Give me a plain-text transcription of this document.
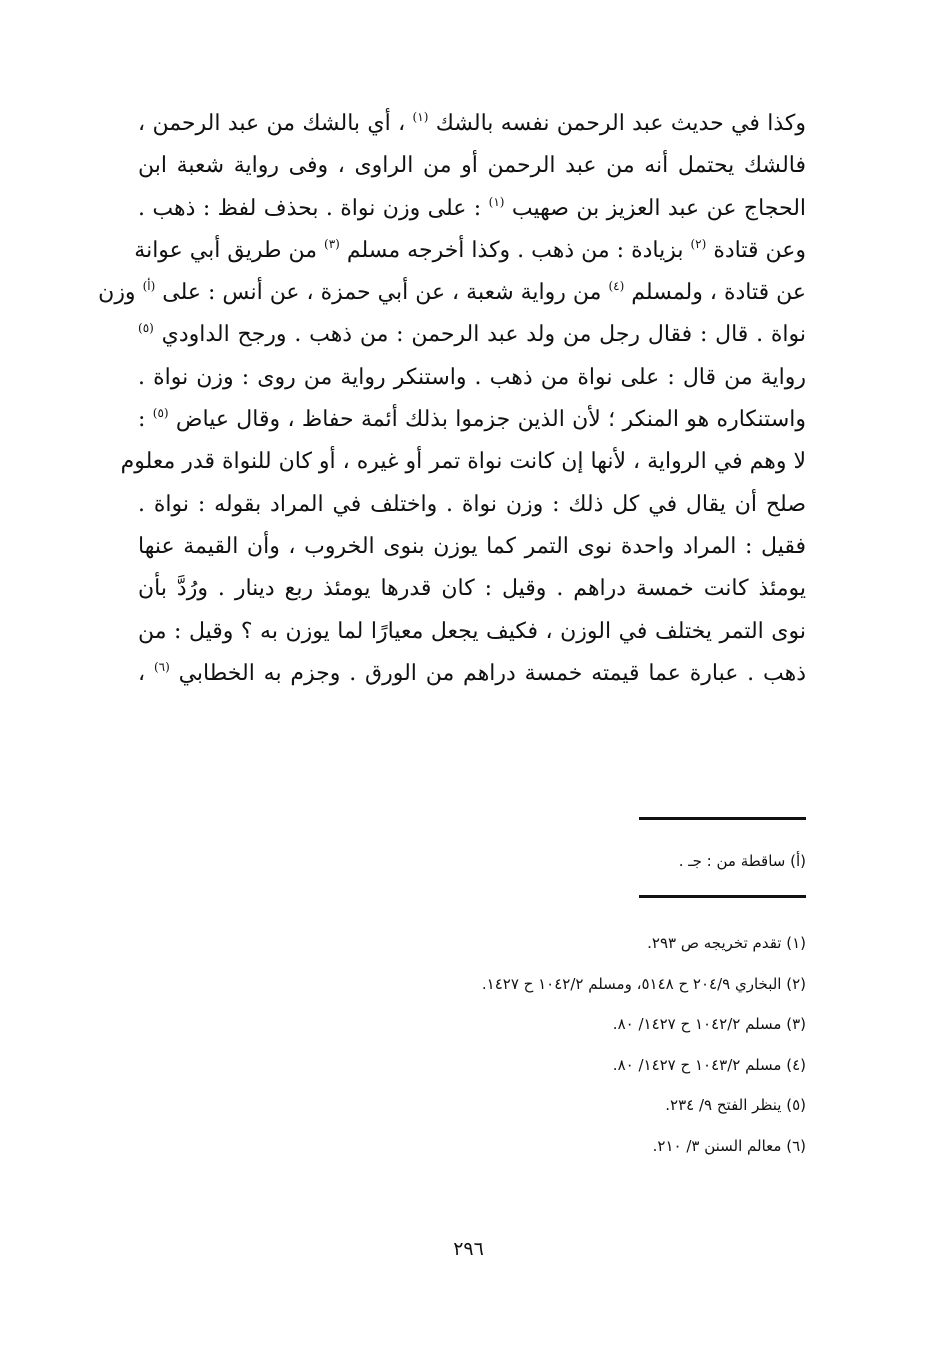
وكذا في حديث عبد الرحمن نفسه بالشك $^{(١)}$ ، أي بالشك من عبد الرحمن ،
فالشك يحتمل أنه من عبد الرحمن أو من الراوى ، وفى رواية شعبة ابن
الحجاج عن عبد العزيز بن صهيب $^{(١)}$ : على وزن نواة . بحذف لفظ : ذهب .
وعن قتادة $^{(٢)}$ بزيادة : من ذهب . وكذا أخرجه مسلم $^{(٣)}$ من طريق أبي عوانة
عن قتادة ، ولمسلم $^{(٤)}$ من رواية شعبة ، عن أبي حمزة ، عن أنس : على $^{(أ)}$ وزن
نواة . قال : فقال رجل من ولد عبد الرحمن : من ذهب . ورجح الداودي $^{(٥)}$
رواية من قال : على نواة من ذهب . واستنكر رواية من روى : وزن نواة .
واستنكاره هو المنكر ؛ لأن الذين جزموا بذلك أئمة حفاظ ، وقال عياض $^{(٥)}$ :
لا وهم في الرواية ، لأنها إن كانت نواة تمر أو غيره ، أو كان للنواة قدر معلوم
صلح أن يقال في كل ذلك : وزن نواة . واختلف في المراد بقوله : نواة .
فقيل : المراد واحدة نوى التمر كما يوزن بنوى الخروب ، وأن القيمة عنها
يومئذ كانت خمسة دراهم . وقيل : كان قدرها يومئذ ربع دينار . ورُدَّ بأن
نوى التمر يختلف في الوزن ، فكيف يجعل معيارًا لما يوزن به ؟ وقيل : من
ذهب . عبارة عما قيمته خمسة دراهم من الورق . وجزم به الخطابي $^{(٦)}$ ،
(أ) ساقطة من : جـ .
(١) تقدم تخريجه ص ٢٩٣.
(٢) البخاري ٢٠٤/٩ ح ٥١٤٨، ومسلم ١٠٤٢/٢ ح ١٤٢٧.
(٣) مسلم ١٠٤٢/٢ ح ١٤٢٧/ ٨٠.
(٤) مسلم ١٠٤٣/٢ ح ١٤٢٧/ ٨٠.
(٥) ينظر الفتح ٩/ ٢٣٤.
(٦) معالم السنن ٣/ ٢١٠.
٢٩٦
